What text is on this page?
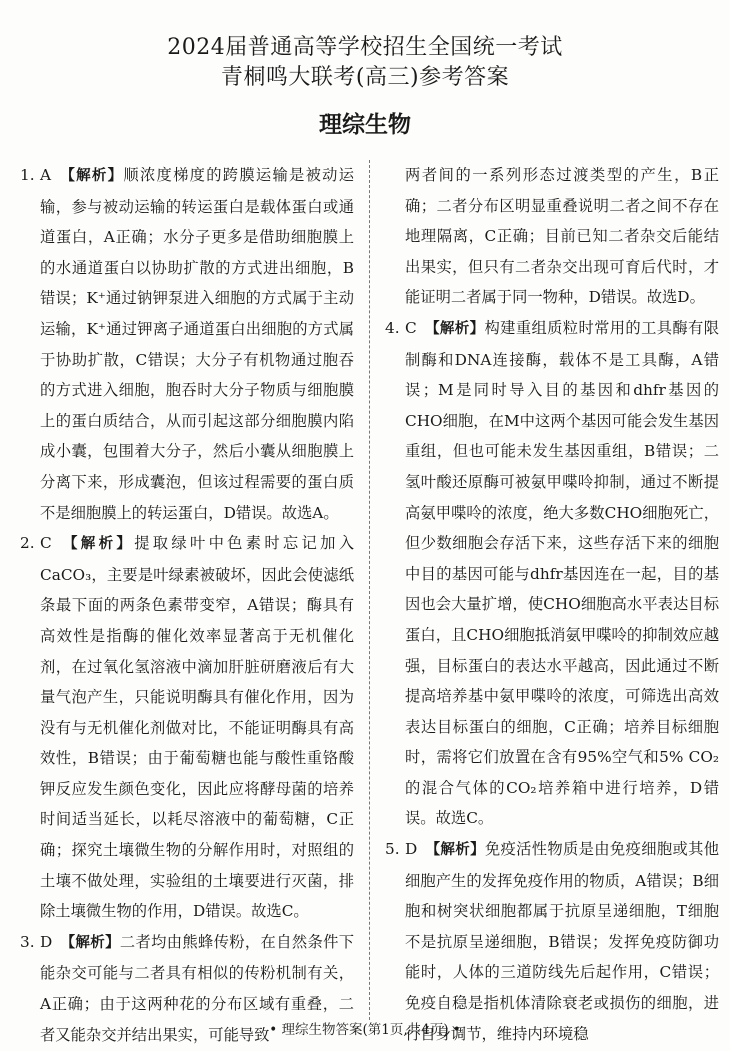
2024届普通高等学校招生全国统一考试
青桐鸣大联考(高三)参考答案
理综生物

1. A 【解析】顺浓度梯度的跨膜运输是被动运输，参与被动运输的转运蛋白是载体蛋白或通道蛋白，A正确；水分子更多是借助细胞膜上的水通道蛋白以协助扩散的方式进出细胞，B错误；K⁺通过钠钾泵进入细胞的方式属于主动运输，K⁺通过钾离子通道蛋白出细胞的方式属于协助扩散，C错误；大分子有机物通过胞吞的方式进入细胞，胞吞时大分子物质与细胞膜上的蛋白质结合，从而引起这部分细胞膜内陷成小囊，包围着大分子，然后小囊从细胞膜上分离下来，形成囊泡，但该过程需要的蛋白质不是细胞膜上的转运蛋白，D错误。故选A。

2. C 【解析】提取绿叶中色素时忘记加入CaCO₃，主要是叶绿素被破坏，因此会使滤纸条最下面的两条色素带变窄，A错误；酶具有高效性是指酶的催化效率显著高于无机催化剂，在过氧化氢溶液中滴加肝脏研磨液后有大量气泡产生，只能说明酶具有催化作用，因为没有与无机催化剂做对比，不能证明酶具有高效性，B错误；由于葡萄糖也能与酸性重铬酸钾反应发生颜色变化，因此应将酵母菌的培养时间适当延长，以耗尽溶液中的葡萄糖，C正确；探究土壤微生物的分解作用时，对照组的土壤不做处理，实验组的土壤要进行灭菌，排除土壤微生物的作用，D错误。故选C。

3. D 【解析】二者均由熊蜂传粉，在自然条件下能杂交可能与二者具有相似的传粉机制有关，A正确；由于这两种花的分布区域有重叠，二者又能杂交并结出果实，可能导致

两者间的一系列形态过渡类型的产生，B正确；二者分布区明显重叠说明二者之间不存在地理隔离，C正确；目前已知二者杂交后能结出果实，但只有二者杂交出现可育后代时，才能证明二者属于同一物种，D错误。故选D。

4. C 【解析】构建重组质粒时常用的工具酶有限制酶和DNA连接酶，载体不是工具酶，A错误；M是同时导入目的基因和dhfr基因的CHO细胞，在M中这两个基因可能会发生基因重组，但也可能未发生基因重组，B错误；二氢叶酸还原酶可被氨甲喋呤抑制，通过不断提高氨甲喋呤的浓度，绝大多数CHO细胞死亡，但少数细胞会存活下来，这些存活下来的细胞中目的基因可能与dhfr基因连在一起，目的基因也会大量扩增，使CHO细胞高水平表达目标蛋白，且CHO细胞抵消氨甲喋呤的抑制效应越强，目标蛋白的表达水平越高，因此通过不断提高培养基中氨甲喋呤的浓度，可筛选出高效表达目标蛋白的细胞，C正确；培养目标细胞时，需将它们放置在含有95%空气和5% CO₂的混合气体的CO₂培养箱中进行培养，D错误。故选C。

5. D 【解析】免疫活性物质是由免疫细胞或其他细胞产生的发挥免疫作用的物质，A错误；B细胞和树突状细胞都属于抗原呈递细胞，T细胞不是抗原呈递细胞，B错误；发挥免疫防御功能时，人体的三道防线先后起作用，C错误；免疫自稳是指机体清除衰老或损伤的细胞，进行自身调节，维持内环境稳

• 理综生物答案(第1页,共4页) •
